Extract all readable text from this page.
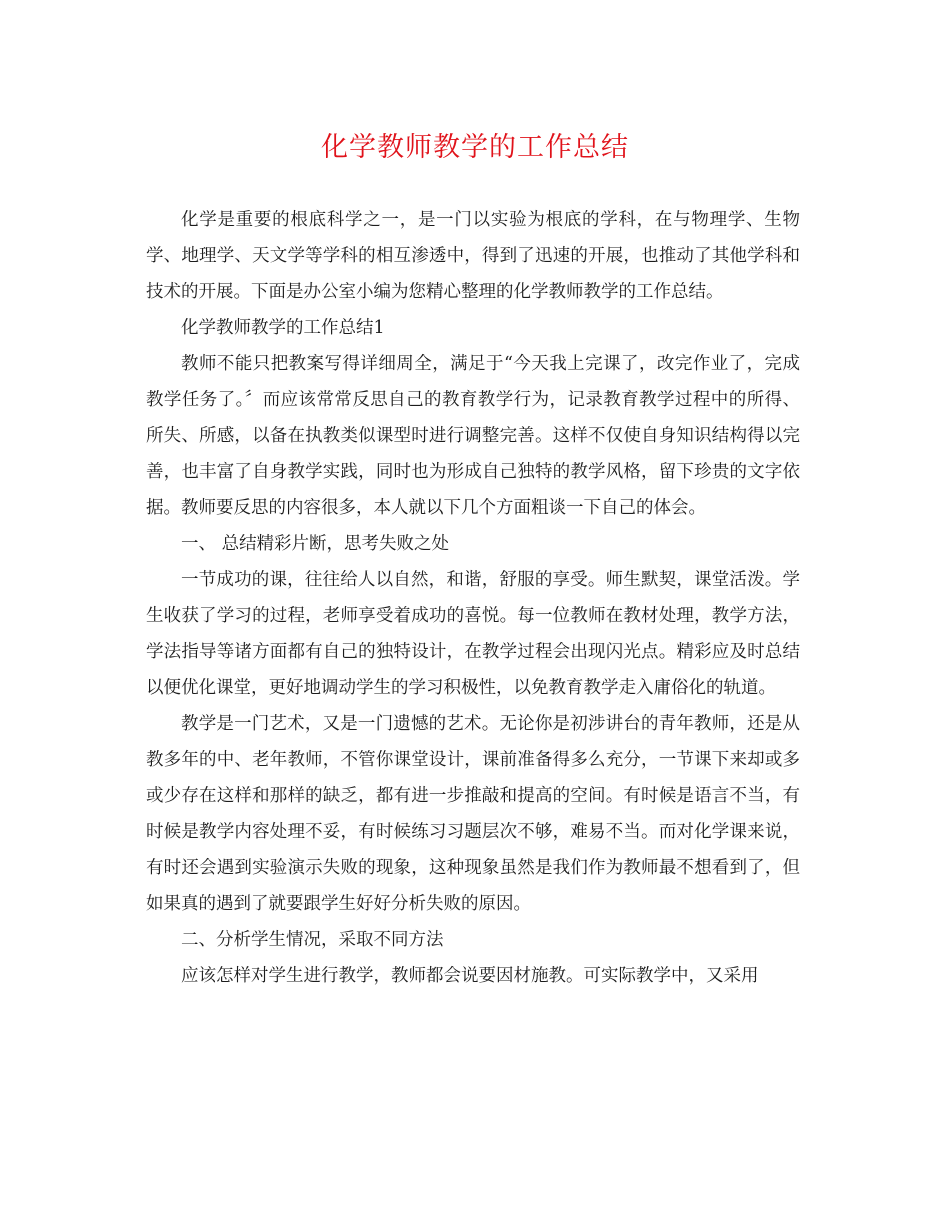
化学教师教学的工作总结

化学是重要的根底科学之一，是一门以实验为根底的学科，在与物理学、生物学、地理学、天文学等学科的相互渗透中，得到了迅速的开展，也推动了其他学科和技术的开展。下面是办公室小编为您精心整理的化学教师教学的工作总结。

化学教师教学的工作总结1

教师不能只把教案写得详细周全，满足于“今天我上完课了，改完作业了，完成教学任务了。〞而应该常常反思自己的教育教学行为，记录教育教学过程中的所得、所失、所感，以备在执教类似课型时进行调整完善。这样不仅使自身知识结构得以完善，也丰富了自身教学实践，同时也为形成自己独特的教学风格，留下珍贵的文字依据。教师要反思的内容很多，本人就以下几个方面粗谈一下自己的体会。

一、 总结精彩片断，思考失败之处

一节成功的课，往往给人以自然，和谐，舒服的享受。师生默契，课堂活泼。学生收获了学习的过程，老师享受着成功的喜悦。每一位教师在教材处理，教学方法，学法指导等诸方面都有自己的独特设计，在教学过程会出现闪光点。精彩应及时总结以便优化课堂，更好地调动学生的学习积极性，以免教育教学走入庸俗化的轨道。

教学是一门艺术，又是一门遗憾的艺术。无论你是初涉讲台的青年教师，还是从教多年的中、老年教师，不管你课堂设计，课前准备得多么充分，一节课下来却或多或少存在这样和那样的缺乏，都有进一步推敲和提高的空间。有时候是语言不当，有时候是教学内容处理不妥，有时候练习习题层次不够，难易不当。而对化学课来说，有时还会遇到实验演示失败的现象，这种现象虽然是我们作为教师最不想看到了，但如果真的遇到了就要跟学生好好分析失败的原因。

二、分析学生情况，采取不同方法

应该怎样对学生进行教学，教师都会说要因材施教。可实际教学中，又采用
